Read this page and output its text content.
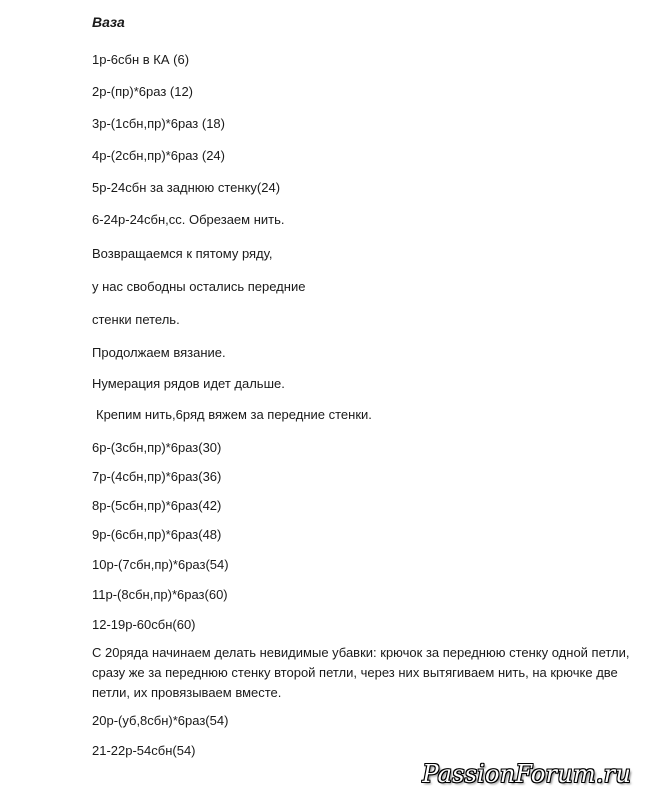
Ваза
1р-6сбн в КА (6)
2р-(пр)*6раз (12)
3р-(1сбн,пр)*6раз (18)
4р-(2сбн,пр)*6раз (24)
5р-24сбн за заднюю стенку(24)
6-24р-24сбн,сс. Обрезаем нить.
Возвращаемся к пятому ряду,
у нас свободны остались передние
стенки петель.
Продолжаем вязание.
Нумерация рядов идет дальше.
Крепим нить,6ряд вяжем за передние стенки.
6р-(3сбн,пр)*6раз(30)
7р-(4сбн,пр)*6раз(36)
8р-(5сбн,пр)*6раз(42)
9р-(6сбн,пр)*6раз(48)
10р-(7сбн,пр)*6раз(54)
11р-(8сбн,пр)*6раз(60)
12-19р-60сбн(60)
С 20ряда начинаем делать невидимые убавки: крючок за переднюю стенку одной петли, сразу же за переднюю стенку второй петли, через них вытягиваем нить, на крючке две петли, их провязываем вместе.
20р-(уб,8сбн)*6раз(54)
21-22р-54сбн(54)
PassionForum.ru
